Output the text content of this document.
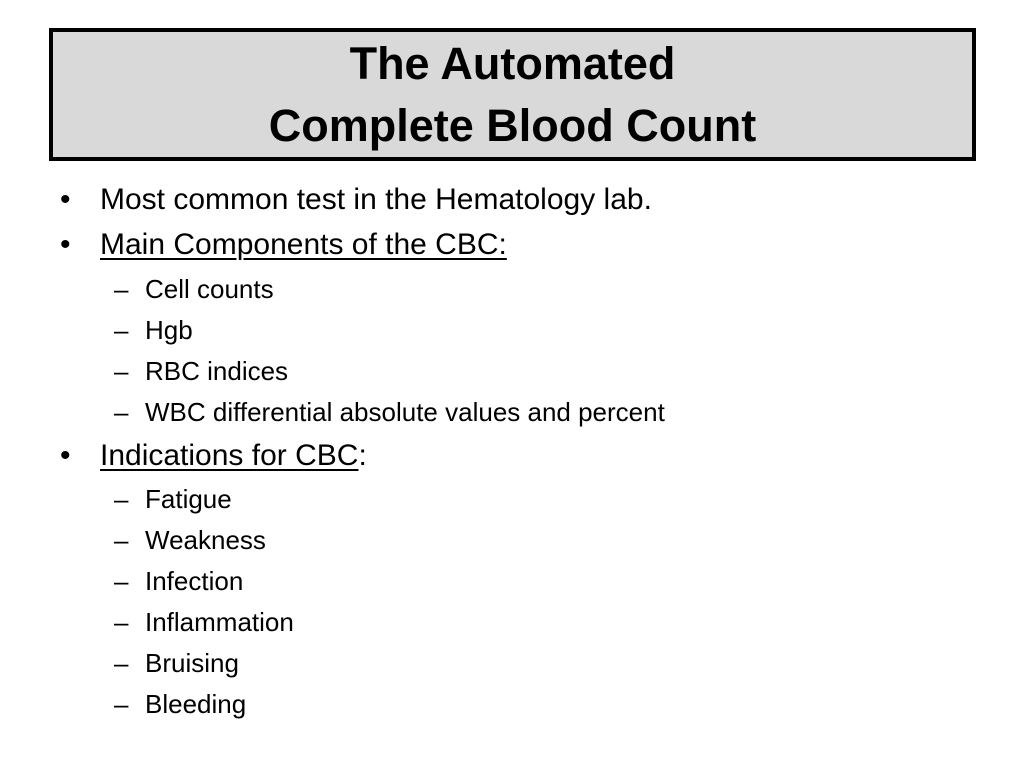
The Automated
Complete Blood Count
• Most common test in the Hematology lab.
• Main Components of the CBC:
– Cell counts
– Hgb
– RBC indices
– WBC differential absolute values and percent
• Indications for CBC:
– Fatigue
– Weakness
– Infection
– Inflammation
– Bruising
– Bleeding
